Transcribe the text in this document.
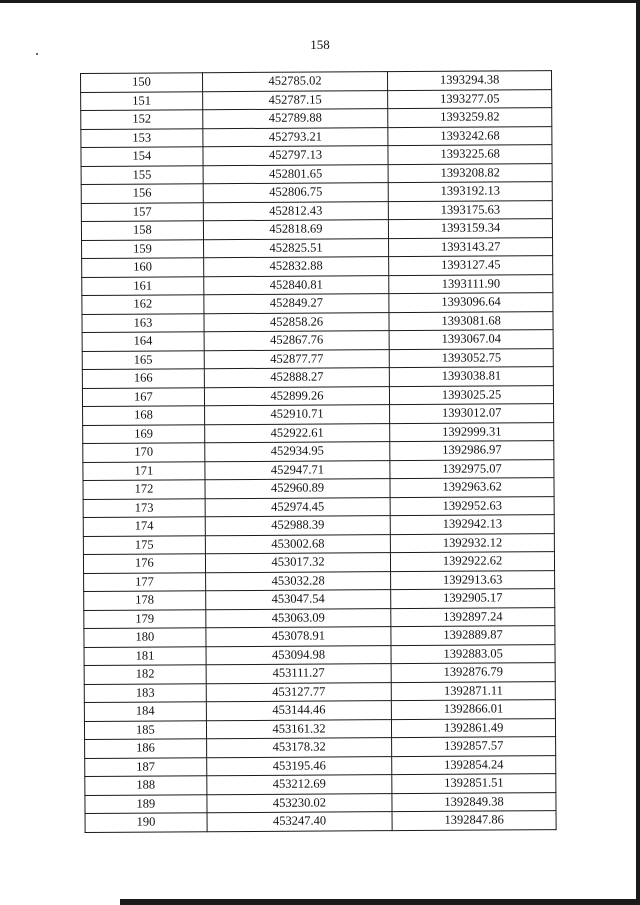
158
150	452785.02	1393294.38
151	452787.15	1393277.05
152	452789.88	1393259.82
153	452793.21	1393242.68
154	452797.13	1393225.68
155	452801.65	1393208.82
156	452806.75	1393192.13
157	452812.43	1393175.63
158	452818.69	1393159.34
159	452825.51	1393143.27
160	452832.88	1393127.45
161	452840.81	1393111.90
162	452849.27	1393096.64
163	452858.26	1393081.68
164	452867.76	1393067.04
165	452877.77	1393052.75
166	452888.27	1393038.81
167	452899.26	1393025.25
168	452910.71	1393012.07
169	452922.61	1392999.31
170	452934.95	1392986.97
171	452947.71	1392975.07
172	452960.89	1392963.62
173	452974.45	1392952.63
174	452988.39	1392942.13
175	453002.68	1392932.12
176	453017.32	1392922.62
177	453032.28	1392913.63
178	453047.54	1392905.17
179	453063.09	1392897.24
180	453078.91	1392889.87
181	453094.98	1392883.05
182	453111.27	1392876.79
183	453127.77	1392871.11
184	453144.46	1392866.01
185	453161.32	1392861.49
186	453178.32	1392857.57
187	453195.46	1392854.24
188	453212.69	1392851.51
189	453230.02	1392849.38
190	453247.40	1392847.86
